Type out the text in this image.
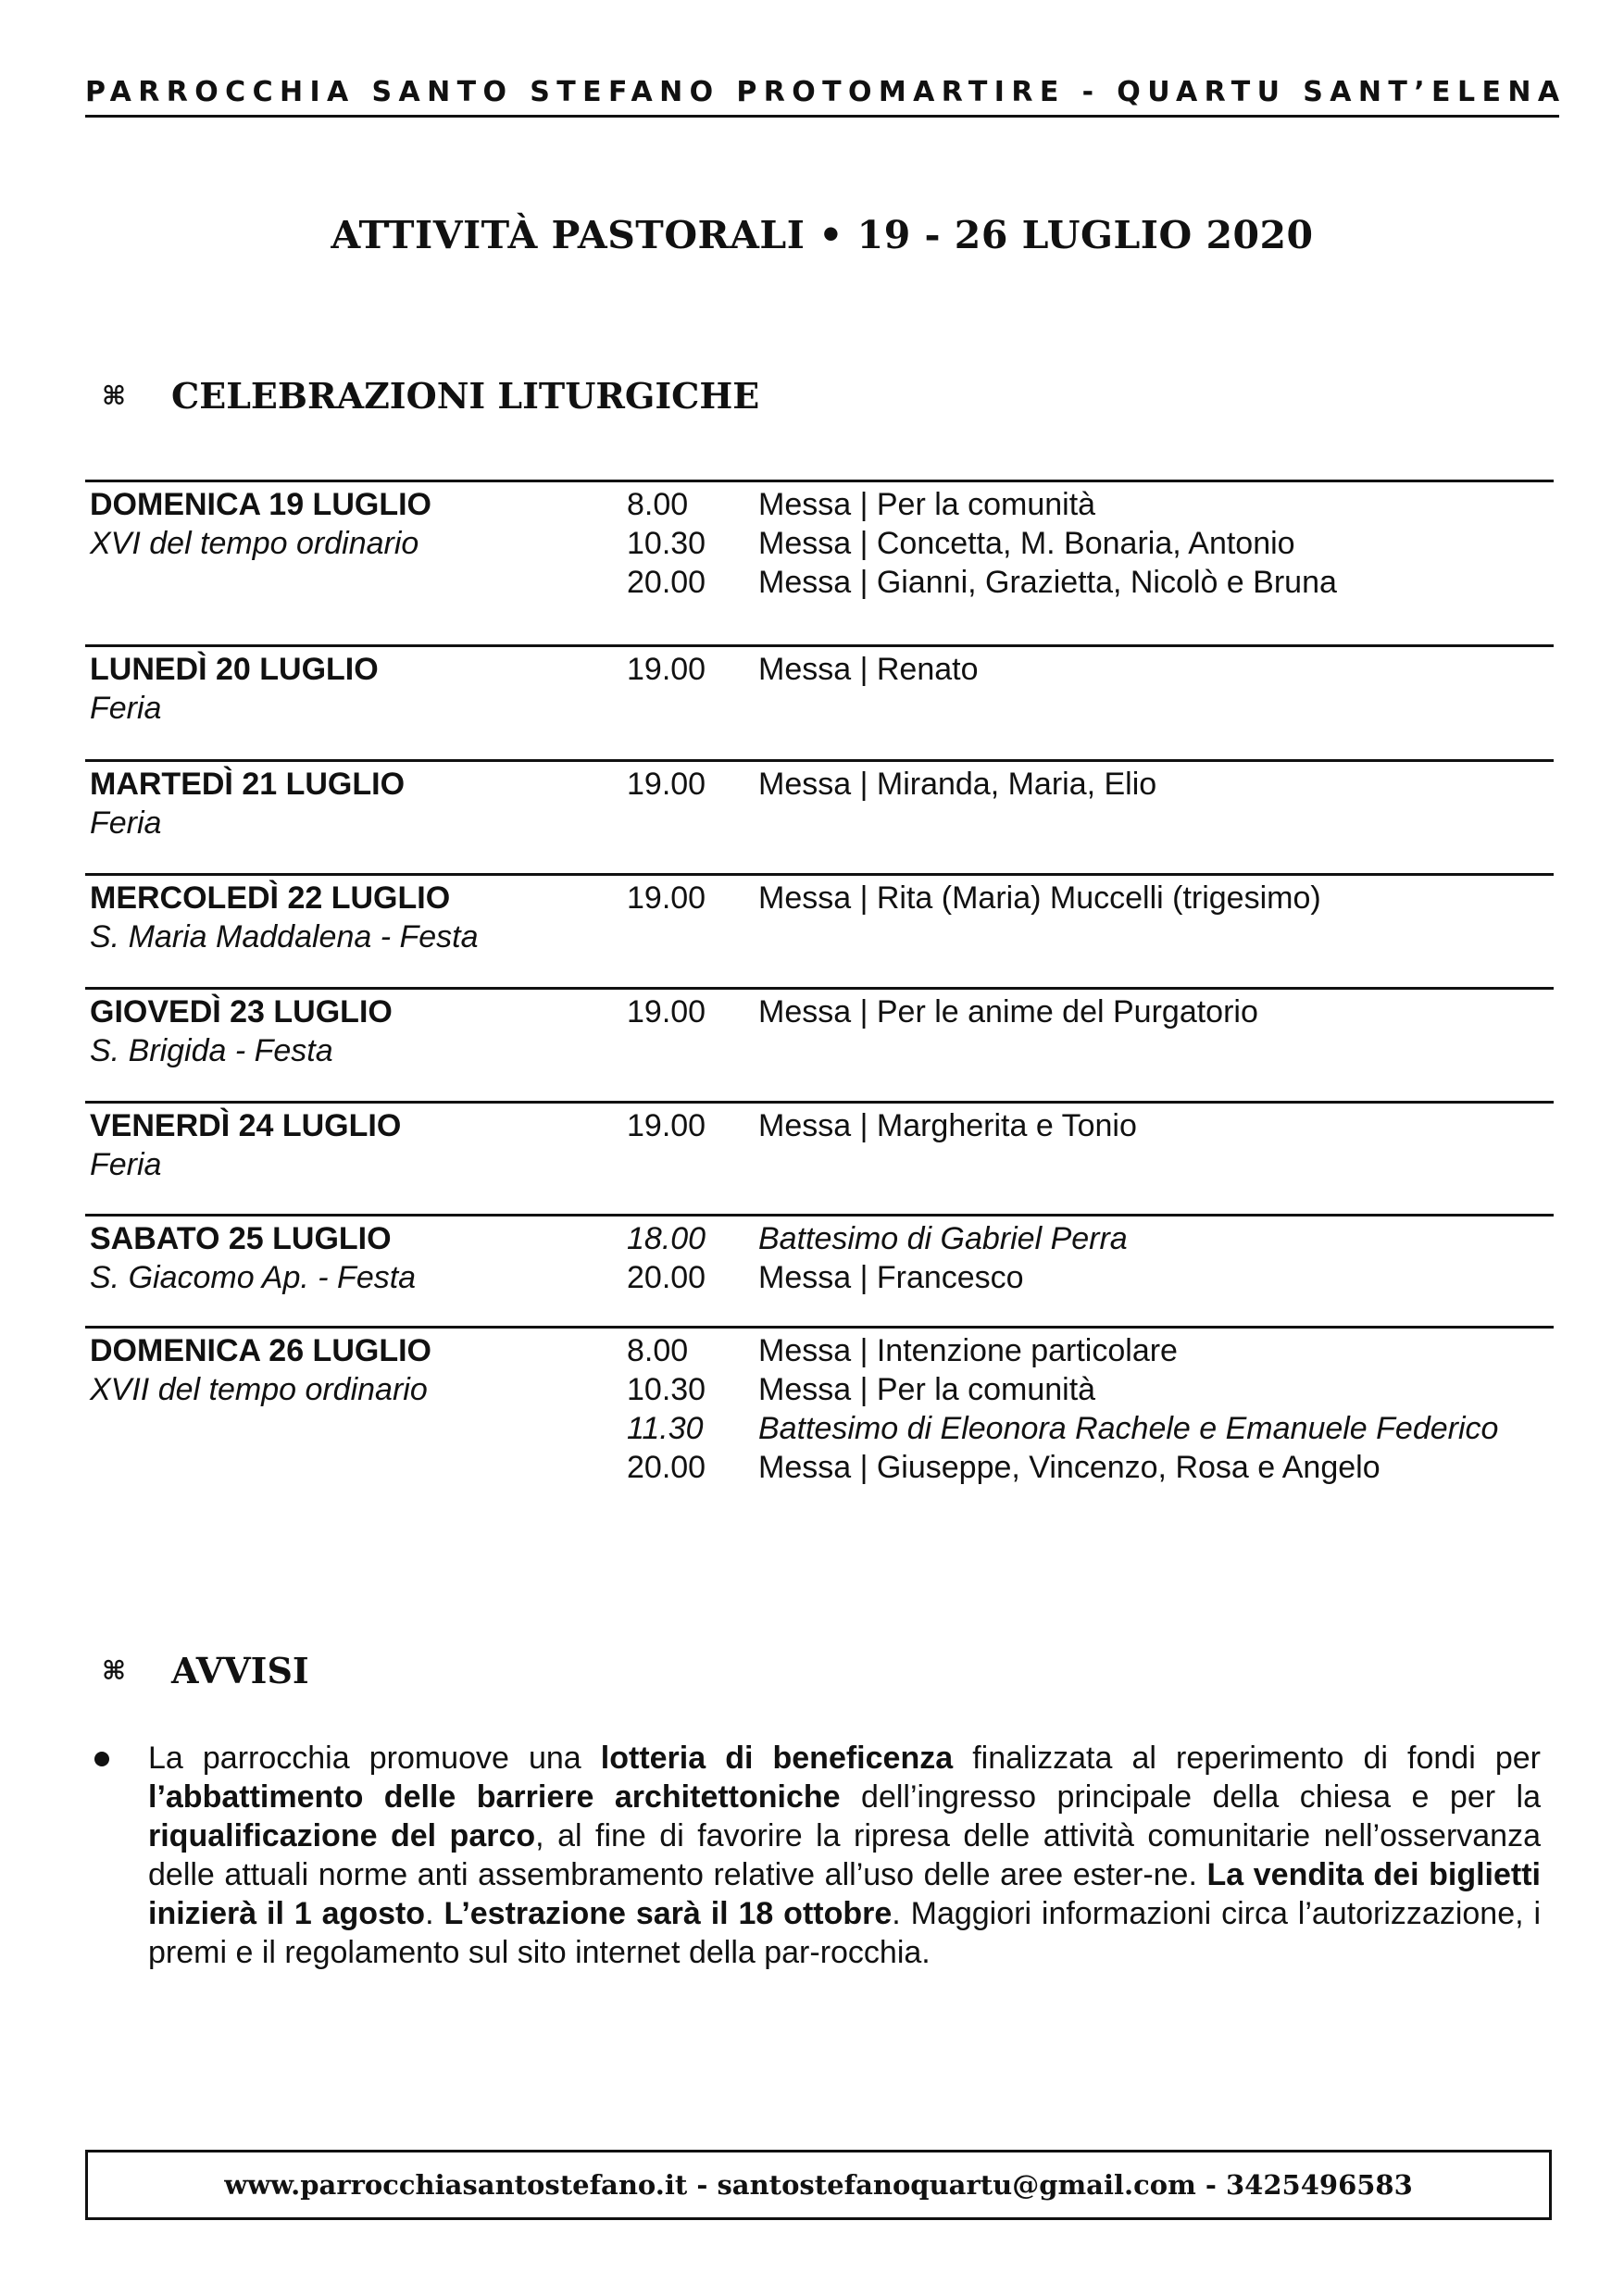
PARROCCHIA SANTO STEFANO PROTOMARTIRE - QUARTU SANT’ELENA
ATTIVITÀ PASTORALI • 19 - 26 LUGLIO 2020
⌘ CELEBRAZIONI LITURGICHE
DOMENICA 19 LUGLIO
XVI del tempo ordinario
8.00	Messa | Per la comunità
10.30	Messa | Concetta, M. Bonaria, Antonio
20.00	Messa | Gianni, Grazietta, Nicolò e Bruna
LUNEDÌ 20 LUGLIO
Feria
19.00	Messa | Renato
MARTEDÌ 21 LUGLIO
Feria
19.00	Messa | Miranda, Maria, Elio
MERCOLEDÌ 22 LUGLIO
S. Maria Maddalena - Festa
19.00	Messa | Rita (Maria) Muccelli (trigesimo)
GIOVEDÌ 23 LUGLIO
S. Brigida - Festa
19.00	Messa | Per le anime del Purgatorio
VENERDÌ 24 LUGLIO
Feria
19.00	Messa | Margherita e Tonio
SABATO 25 LUGLIO
S. Giacomo Ap. - Festa
18.00	Battesimo di Gabriel Perra
20.00	Messa | Francesco
DOMENICA 26 LUGLIO
XVII del tempo ordinario
8.00	Messa | Intenzione particolare
10.30	Messa | Per la comunità
11.30	Battesimo di Eleonora Rachele e Emanuele Federico
20.00	Messa | Giuseppe, Vincenzo, Rosa e Angelo
⌘ AVVISI

La parrocchia promuove una lotteria di beneficenza finalizzata al reperimento di fondi per l’abbattimento delle barriere architettoniche dell’ingresso principale della chiesa e per la riqualificazione del parco, al fine di favorire la ripresa delle attività comunitarie nell’osservanza delle attuali norme anti assembramento relative all’uso delle aree ester-ne. La vendita dei biglietti inizierà il 1 agosto. L’estrazione sarà il 18 ottobre. Maggiori informazioni circa l’autorizzazione, i premi e il regolamento sul sito internet della par-rocchia.

www.parrocchiasantostefano.it - santostefanoquartu@gmail.com - 3425496583
